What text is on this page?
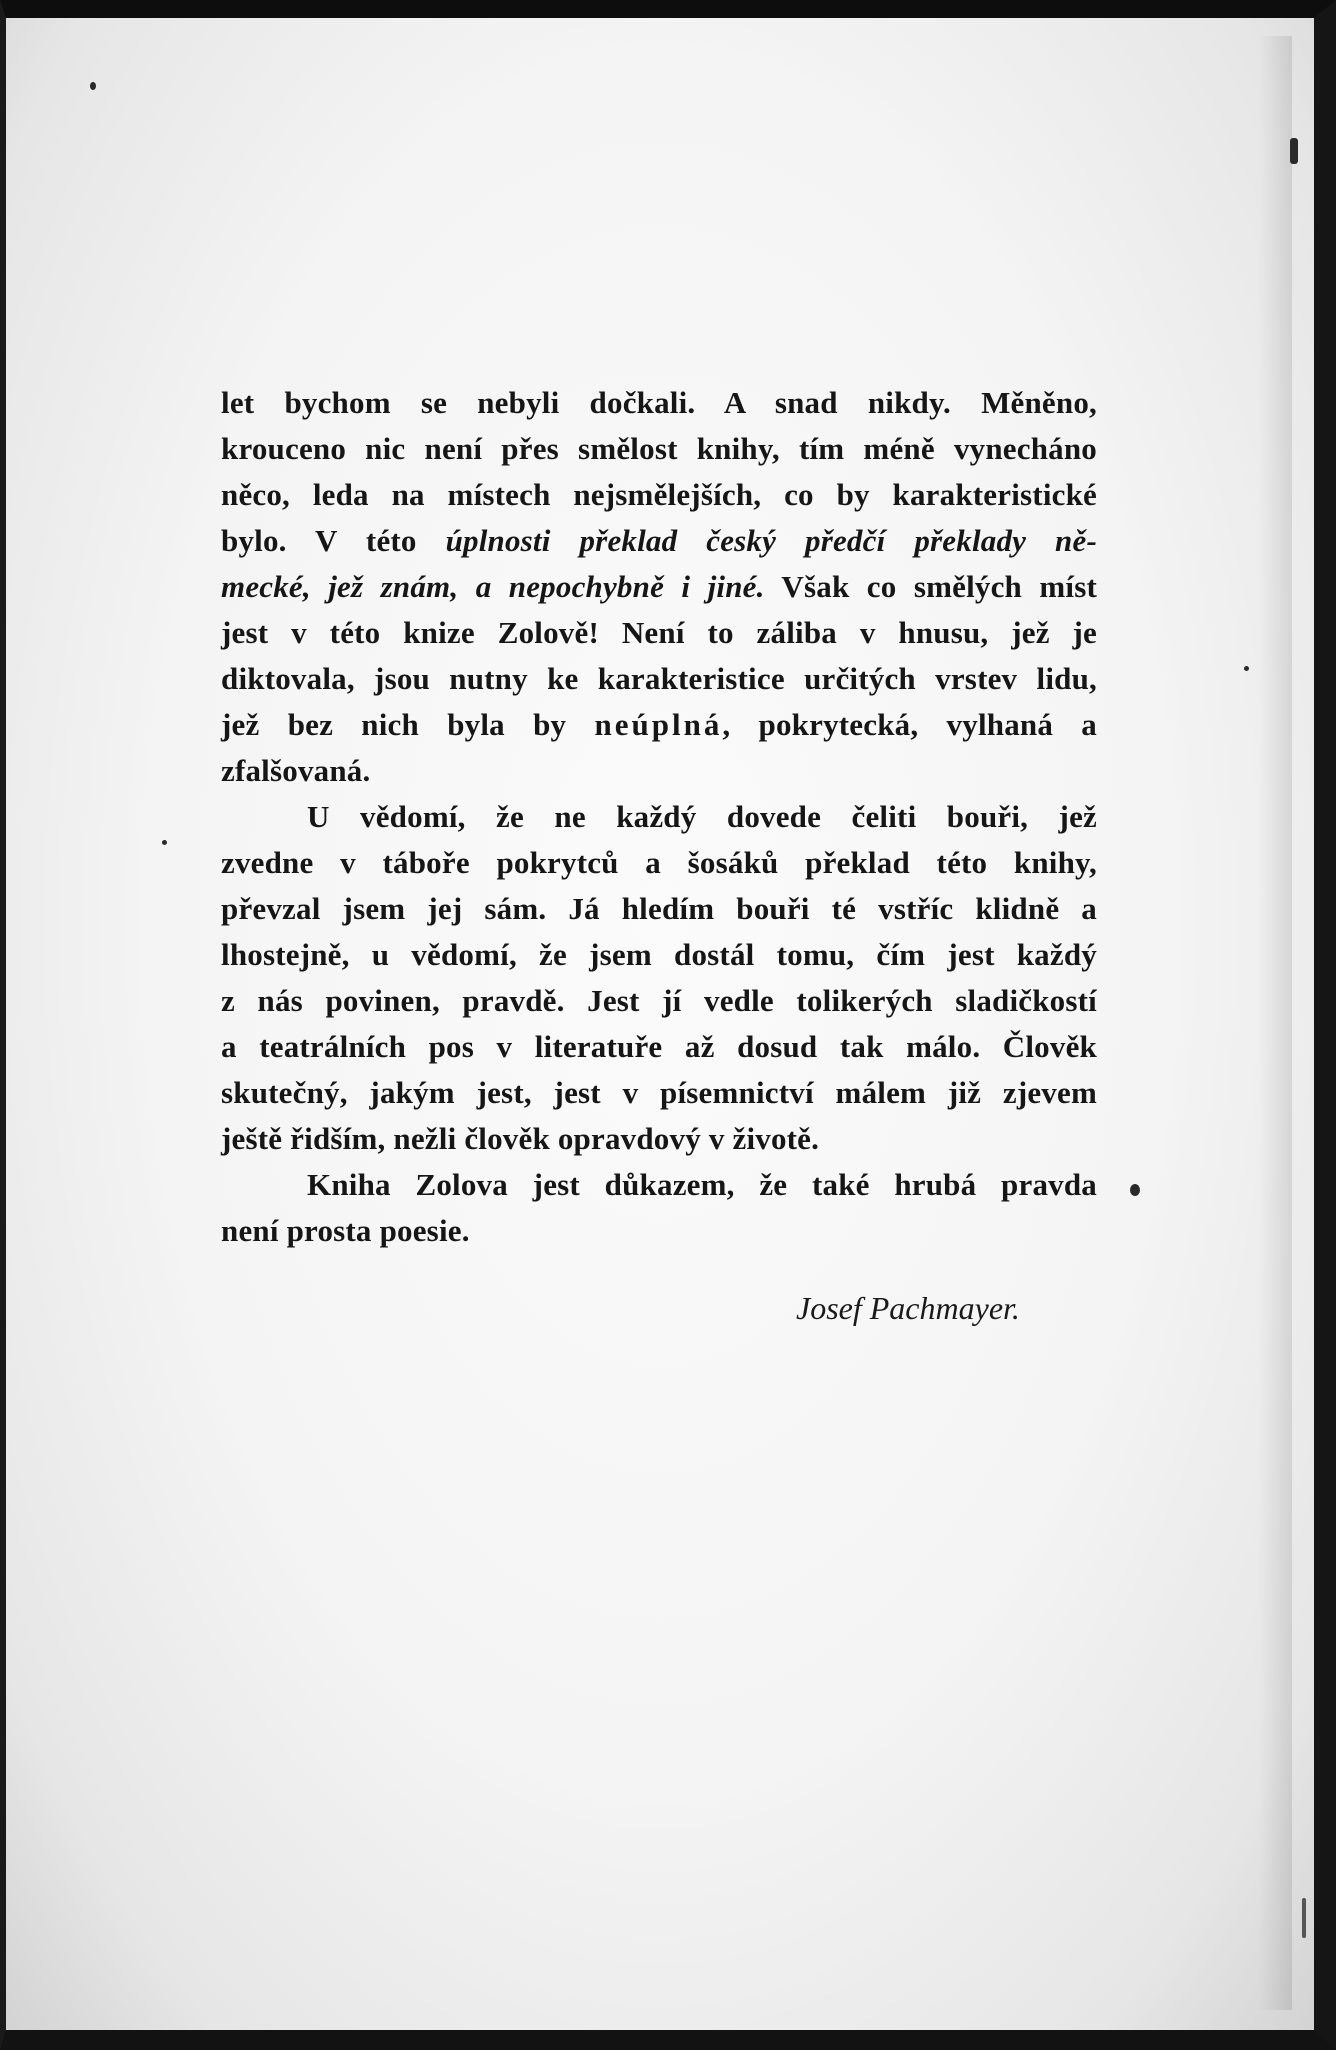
let bychom se nebyli dočkali. A snad nikdy. Měněno,
krouceno nic není přes smělost knihy, tím méně vynecháno
něco, leda na místech nejsmělejších, co by karakteristické
bylo. V této úplnosti překlad český předčí překlady ně-
mecké, jež znám, a nepochybně i jiné. Však co smělých míst
jest v této knize Zolově! Není to záliba v hnusu, jež je
diktovala, jsou nutny ke karakteristice určitých vrstev lidu,
jež bez nich byla by neúplná, pokrytecká, vylhaná a
zfalšovaná.
U vědomí, že ne každý dovede čeliti bouři, jež
zvedne v táboře pokrytců a šosáků překlad této knihy,
převzal jsem jej sám. Já hledím bouři té vstříc klidně a
lhostejně, u vědomí, že jsem dostál tomu, čím jest každý
z nás povinen, pravdě. Jest jí vedle tolikerých sladičkostí
a teatrálních pos v literatuře až dosud tak málo. Člověk
skutečný, jakým jest, jest v písemnictví málem již zjevem
ještě řidším, nežli člověk opravdový v životě.
Kniha Zolova jest důkazem, že také hrubá pravda
není prosta poesie.
Josef Pachmayer.
